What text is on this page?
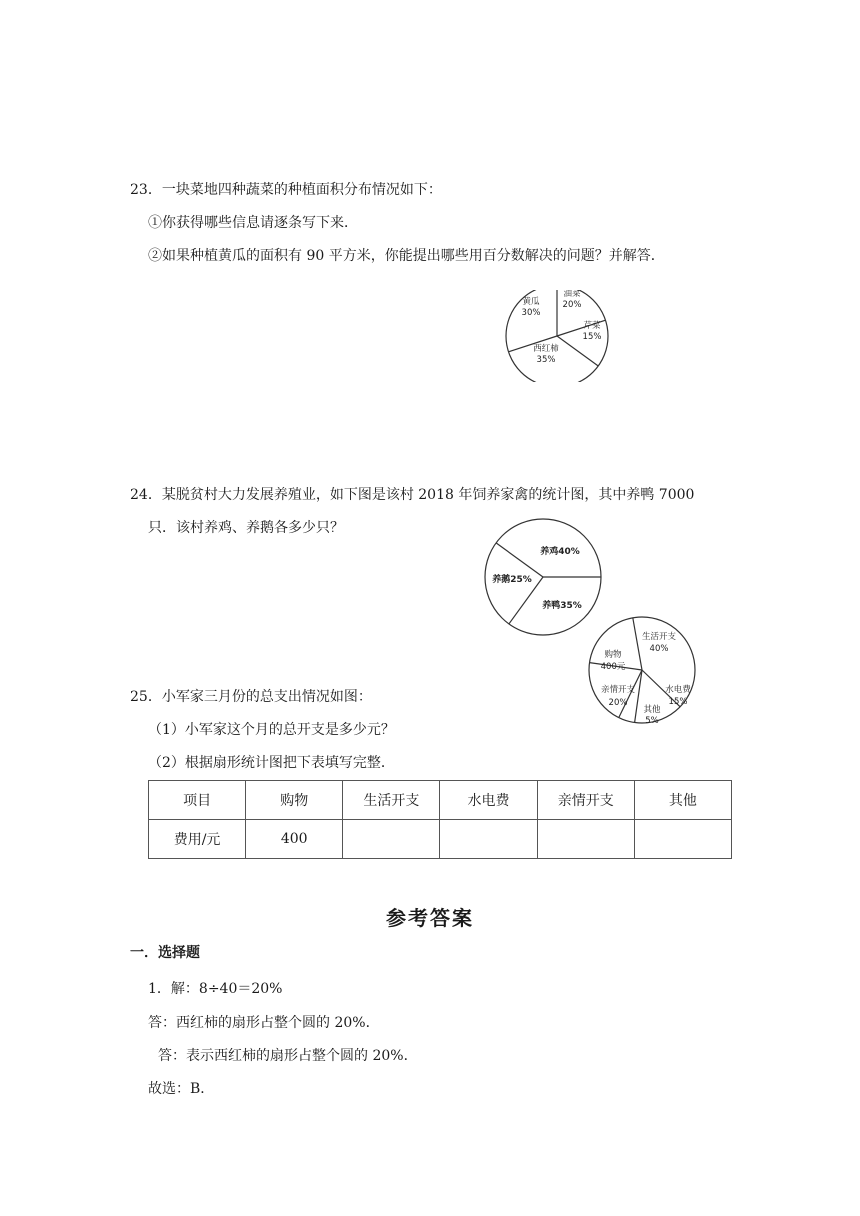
23．一块菜地四种蔬菜的种植面积分布情况如下：
①你获得哪些信息请逐条写下来．
②如果种植黄瓜的面积有 90 平方米，你能提出哪些用百分数解决的问题？并解答．
黄瓜
30%
油菜
20%
芹菜
15%
西红柿
35%
24．某脱贫村大力发展养殖业，如下图是该村 2018 年饲养家禽的统计图，其中养鸭 7000
只．该村养鸡、养鹅各多少只？
养鸡40%
养鸭35%
养鹅25%
生活开支
40%
水电费
15%
其他
5%
亲情开支
20%
购物
400元
25．小军家三月份的总支出情况如图：
（1）小军家这个月的总开支是多少元？
（2）根据扇形统计图把下表填写完整．
项目	购物	生活开支	水电费	亲情开支	其他
费用/元	400				
参考答案
一．选择题
1．解：8÷40＝20%
答：西红柿的扇形占整个圆的 20%．
答：表示西红柿的扇形占整个圆的 20%．
故选：B．
